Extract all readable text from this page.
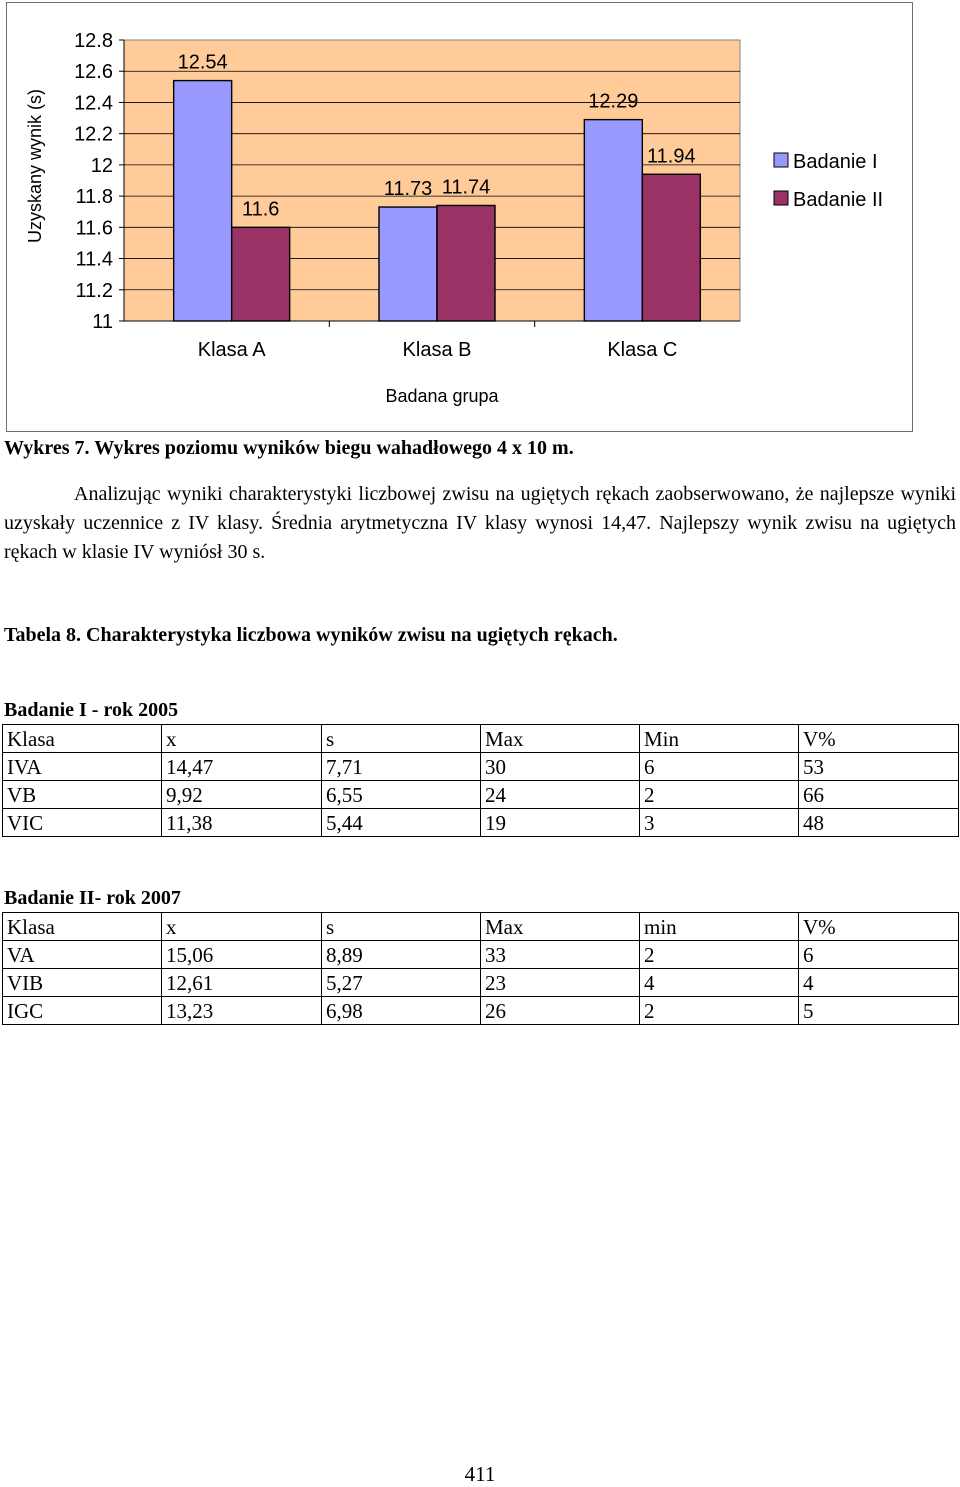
12.8
12.6
12.4
12.2
12
11.8
11.6
11.4
11.2
11
12.54
11.6
Klasa A
11.73 11.74
Klasa B
12.29
11.94
Klasa C
Badana grupa
Uzyskany wynik (s)	Badanie I
Badanie II
Wykres 7. Wykres poziomu wyników biegu wahadłowego 4 x 10 m.

Analizując wyniki charakterystyki liczbowej zwisu na ugiętych rękach zaobserwowano, że najlepsze wyniki uzyskały uczennice z IV klasy. Średnia arytmetyczna IV klasy wynosi 14,47. Najlepszy wynik zwisu na ugiętych rękach w klasie IV wyniósł 30 s.

Tabela 8. Charakterystyka liczbowa wyników zwisu na ugiętych rękach.
Badanie I - rok 2005
Klasa	x	s	Max	Min	V%
IVA	14,47	7,71	30	6	53
VB	9,92	6,55	24	2	66
VIC	11,38	5,44	19	3	48
Badanie II- rok 2007
Klasa	x	s	Max	min	V%
VA	15,06	8,89	33	2	6
VIB	12,61	5,27	23	4	4
IGC	13,23	6,98	26	2	5
411
